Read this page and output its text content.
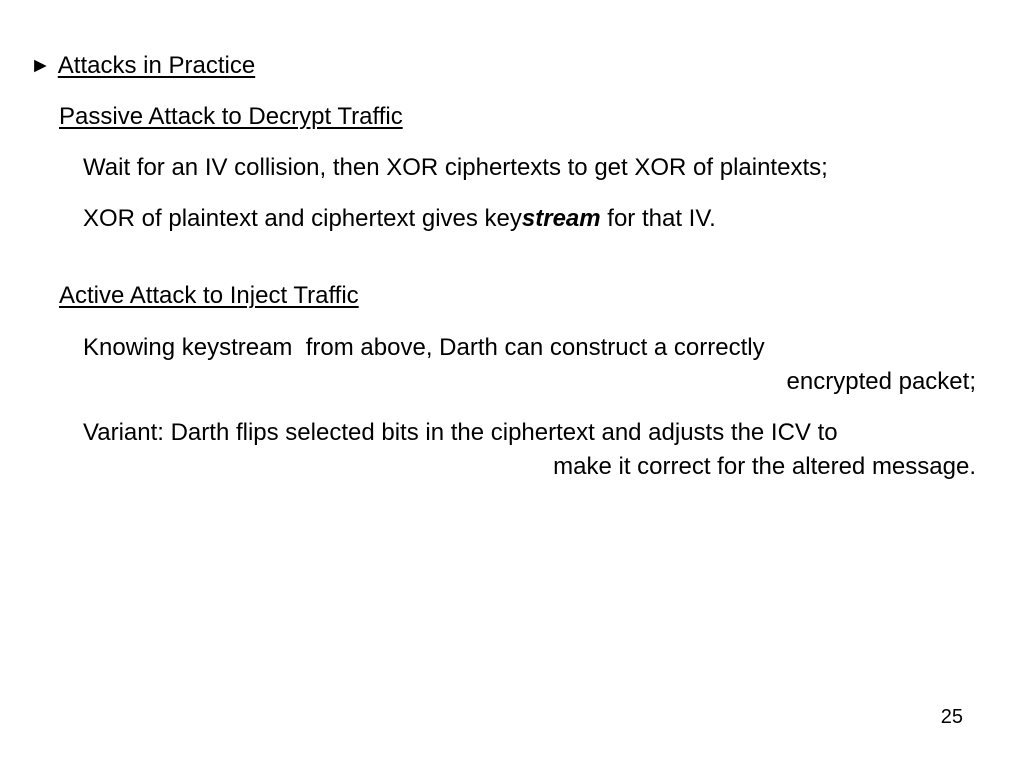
► Attacks in Practice
Passive Attack to Decrypt Traffic
Wait for an IV collision, then XOR ciphertexts to get XOR of plaintexts;
XOR of plaintext and ciphertext gives keystream for that IV.
Active Attack to Inject Traffic
Knowing keystream  from above, Darth can construct a correctly
encrypted packet;
Variant: Darth flips selected bits in the ciphertext and adjusts the ICV to
make it correct for the altered message.
25
